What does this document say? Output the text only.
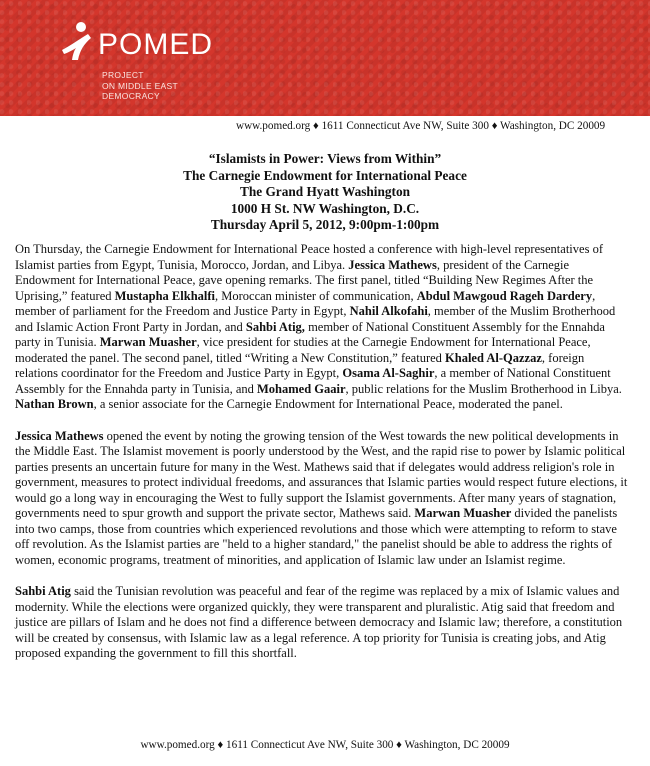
POMED
PROJECT
ON MIDDLE EAST
DEMOCRACY
www.pomed.org ♦ 1611 Connecticut Ave NW, Suite 300 ♦ Washington, DC 20009
“Islamists in Power: Views from Within”
The Carnegie Endowment for International Peace
The Grand Hyatt Washington
1000 H St. NW Washington, D.C.
Thursday April 5, 2012, 9:00pm-1:00pm

On Thursday, the Carnegie Endowment for International Peace hosted a conference with high-level representatives of Islamist parties from Egypt, Tunisia, Morocco, Jordan, and Libya. Jessica Mathews, president of the Carnegie Endowment for International Peace, gave opening remarks. The first panel, titled “Building New Regimes After the Uprising,” featured Mustapha Elkhalfi, Moroccan minister of communication, Abdul Mawgoud Rageh Dardery, member of parliament for the Freedom and Justice Party in Egypt, Nahil Alkofahi, member of the Muslim Brotherhood and Islamic Action Front Party in Jordan, and Sahbi Atig, member of National Constituent Assembly for the Ennahda party in Tunisia. Marwan Muasher, vice president for studies at the Carnegie Endowment for International Peace, moderated the panel. The second panel, titled “Writing a New Constitution,” featured Khaled Al-Qazzaz, foreign relations coordinator for the Freedom and Justice Party in Egypt, Osama Al-Saghir, a member of National Constituent Assembly for the Ennahda party in Tunisia, and Mohamed Gaair, public relations for the Muslim Brotherhood in Libya. Nathan Brown, a senior associate for the Carnegie Endowment for International Peace, moderated the panel.

Jessica Mathews opened the event by noting the growing tension of the West towards the new political developments in the Middle East. The Islamist movement is poorly understood by the West, and the rapid rise to power by Islamic political parties presents an uncertain future for many in the West. Mathews said that if delegates would address religion's role in government, measures to protect individual freedoms, and assurances that Islamic parties would respect future elections, it would go a long way in encouraging the West to fully support the Islamist governments. After many years of stagnation, governments need to spur growth and support the private sector, Mathews said. Marwan Muasher divided the panelists into two camps, those from countries which experienced revolutions and those which were attempting to reform to stave off revolution. As the Islamist parties are "held to a higher standard," the panelist should be able to address the rights of women, economic programs, treatment of minorities, and application of Islamic law under an Islamist regime.

Sahbi Atig said the Tunisian revolution was peaceful and fear of the regime was replaced by a mix of Islamic values and modernity. While the elections were organized quickly, they were transparent and pluralistic. Atig said that freedom and justice are pillars of Islam and he does not find a difference between democracy and Islamic law; therefore, a constitution will be created by consensus, with Islamic law as a legal reference. A top priority for Tunisia is creating jobs, and Atig proposed expanding the government to fill this shortfall.

www.pomed.org ♦ 1611 Connecticut Ave NW, Suite 300 ♦ Washington, DC 20009
